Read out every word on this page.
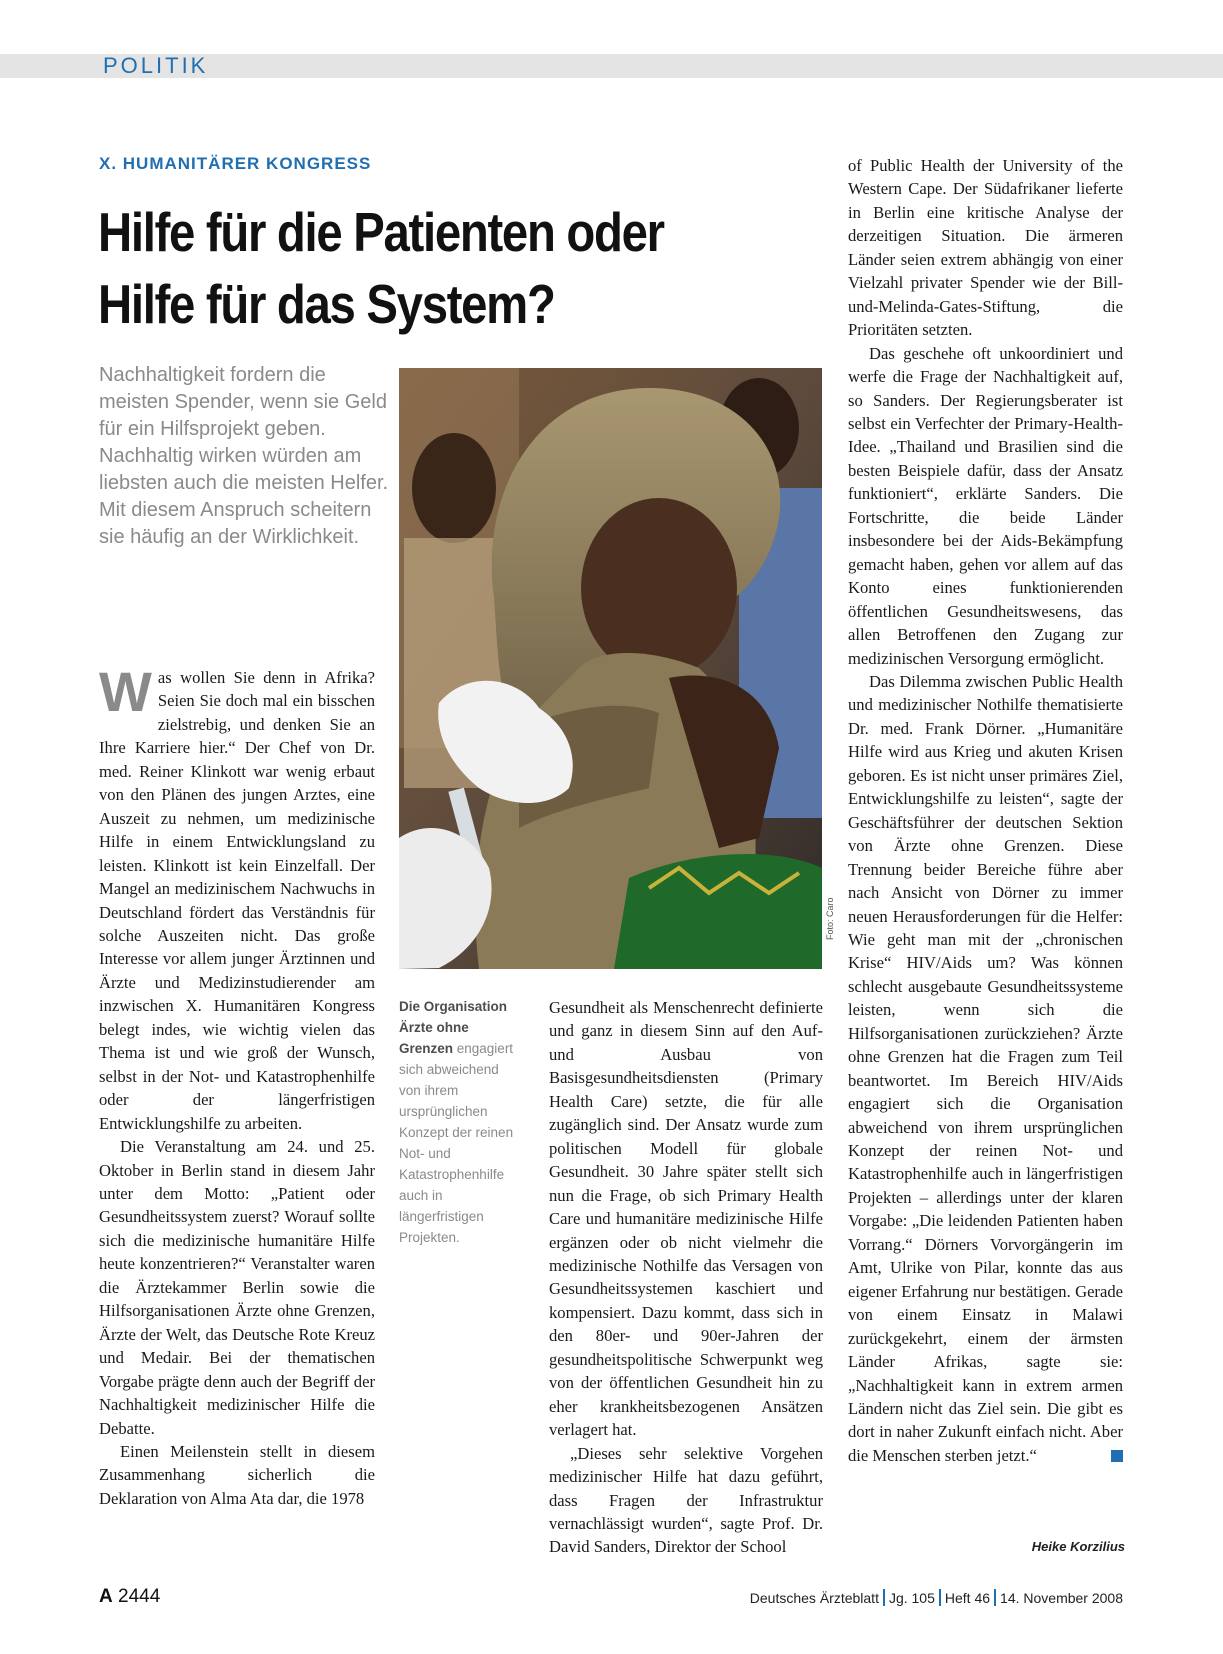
POLITIK
X. HUMANITÄRER KONGRESS
Hilfe für die Patienten oder
Hilfe für das System?

Nachhaltigkeit fordern die meisten Spender, wenn sie Geld für ein Hilfsprojekt geben. Nachhaltig wirken würden am liebsten auch die meisten Helfer. Mit diesem Anspruch scheitern sie häufig an der Wirklichkeit.

Was wollen Sie denn in Afrika? Seien Sie doch mal ein bisschen zielstrebig, und denken Sie an Ihre Karriere hier.“ Der Chef von Dr. med. Reiner Klinkott war wenig erbaut von den Plänen des jungen Arztes, eine Auszeit zu nehmen, um medizinische Hilfe in einem Entwicklungsland zu leisten. Klinkott ist kein Einzelfall. Der Mangel an medizinischem Nachwuchs in Deutschland fördert das Verständnis für solche Auszeiten nicht. Das große Interesse vor allem junger Ärztinnen und Ärzte und Medizinstudierender am inzwischen X. Humanitären Kongress belegt indes, wie wichtig vielen das Thema ist und wie groß der Wunsch, selbst in der Not- und Katastrophenhilfe oder der längerfristigen Entwicklungshilfe zu arbeiten.

Die Veranstaltung am 24. und 25. Oktober in Berlin stand in diesem Jahr unter dem Motto: „Patient oder Gesundheitssystem zuerst? Worauf sollte sich die medizinische humanitäre Hilfe heute konzentrieren?“ Veranstalter waren die Ärztekammer Berlin sowie die Hilfsorganisationen Ärzte ohne Grenzen, Ärzte der Welt, das Deutsche Rote Kreuz und Medair. Bei der thematischen Vorgabe prägte denn auch der Begriff der Nachhaltigkeit medizinischer Hilfe die Debatte.

Einen Meilenstein stellt in diesem Zusammenhang sicherlich die Deklaration von Alma Ata dar, die 1978

Foto: Caro

Die Organisation Ärzte ohne Grenzen engagiert sich abweichend von ihrem ursprünglichen Konzept der reinen Not- und Katastrophenhilfe auch in längerfristigen Projekten.

Gesundheit als Menschenrecht definierte und ganz in diesem Sinn auf den Auf- und Ausbau von Basisgesundheitsdiensten (Primary Health Care) setzte, die für alle zugänglich sind. Der Ansatz wurde zum politischen Modell für globale Gesundheit. 30 Jahre später stellt sich nun die Frage, ob sich Primary Health Care und humanitäre medizinische Hilfe ergänzen oder ob nicht vielmehr die medizinische Nothilfe das Versagen von Gesundheitssystemen kaschiert und kompensiert. Dazu kommt, dass sich in den 80er- und 90er-Jahren der gesundheitspolitische Schwerpunkt weg von der öffentlichen Gesundheit hin zu eher krankheitsbezogenen Ansätzen verlagert hat.

„Dieses sehr selektive Vorgehen medizinischer Hilfe hat dazu geführt, dass Fragen der Infrastruktur vernachlässigt wurden“, sagte Prof. Dr. David Sanders, Direktor der School

of Public Health der University of the Western Cape. Der Südafrikaner lieferte in Berlin eine kritische Analyse der derzeitigen Situation. Die ärmeren Länder seien extrem abhängig von einer Vielzahl privater Spender wie der Bill-und-Melinda-Gates-Stiftung, die Prioritäten setzten.

Das geschehe oft unkoordiniert und werfe die Frage der Nachhaltigkeit auf, so Sanders. Der Regierungsberater ist selbst ein Verfechter der Primary-Health-Idee. „Thailand und Brasilien sind die besten Beispiele dafür, dass der Ansatz funktioniert“, erklärte Sanders. Die Fortschritte, die beide Länder insbesondere bei der Aids-Bekämpfung gemacht haben, gehen vor allem auf das Konto eines funktionierenden öffentlichen Gesundheitswesens, das allen Betroffenen den Zugang zur medizinischen Versorgung ermöglicht.

Das Dilemma zwischen Public Health und medizinischer Nothilfe thematisierte Dr. med. Frank Dörner. „Humanitäre Hilfe wird aus Krieg und akuten Krisen geboren. Es ist nicht unser primäres Ziel, Entwicklungshilfe zu leisten“, sagte der Geschäftsführer der deutschen Sektion von Ärzte ohne Grenzen. Diese Trennung beider Bereiche führe aber nach Ansicht von Dörner zu immer neuen Herausforderungen für die Helfer: Wie geht man mit der „chronischen Krise“ HIV/Aids um? Was können schlecht ausgebaute Gesundheitssysteme leisten, wenn sich die Hilfsorganisationen zurückziehen? Ärzte ohne Grenzen hat die Fragen zum Teil beantwortet. Im Bereich HIV/Aids engagiert sich die Organisation abweichend von ihrem ursprünglichen Konzept der reinen Not- und Katastrophenhilfe auch in längerfristigen Projekten – allerdings unter der klaren Vorgabe: „Die leidenden Patienten haben Vorrang.“ Dörners Vorvorgängerin im Amt, Ulrike von Pilar, konnte das aus eigener Erfahrung nur bestätigen. Gerade von einem Einsatz in Malawi zurückgekehrt, einem der ärmsten Länder Afrikas, sagte sie: „Nachhaltigkeit kann in extrem armen Ländern nicht das Ziel sein. Die gibt es dort in naher Zukunft einfach nicht. Aber die Menschen sterben jetzt.“

Heike Korzilius
A 2444	Deutsches Ärzteblatt Jg. 105 Heft 46 14. November 2008
